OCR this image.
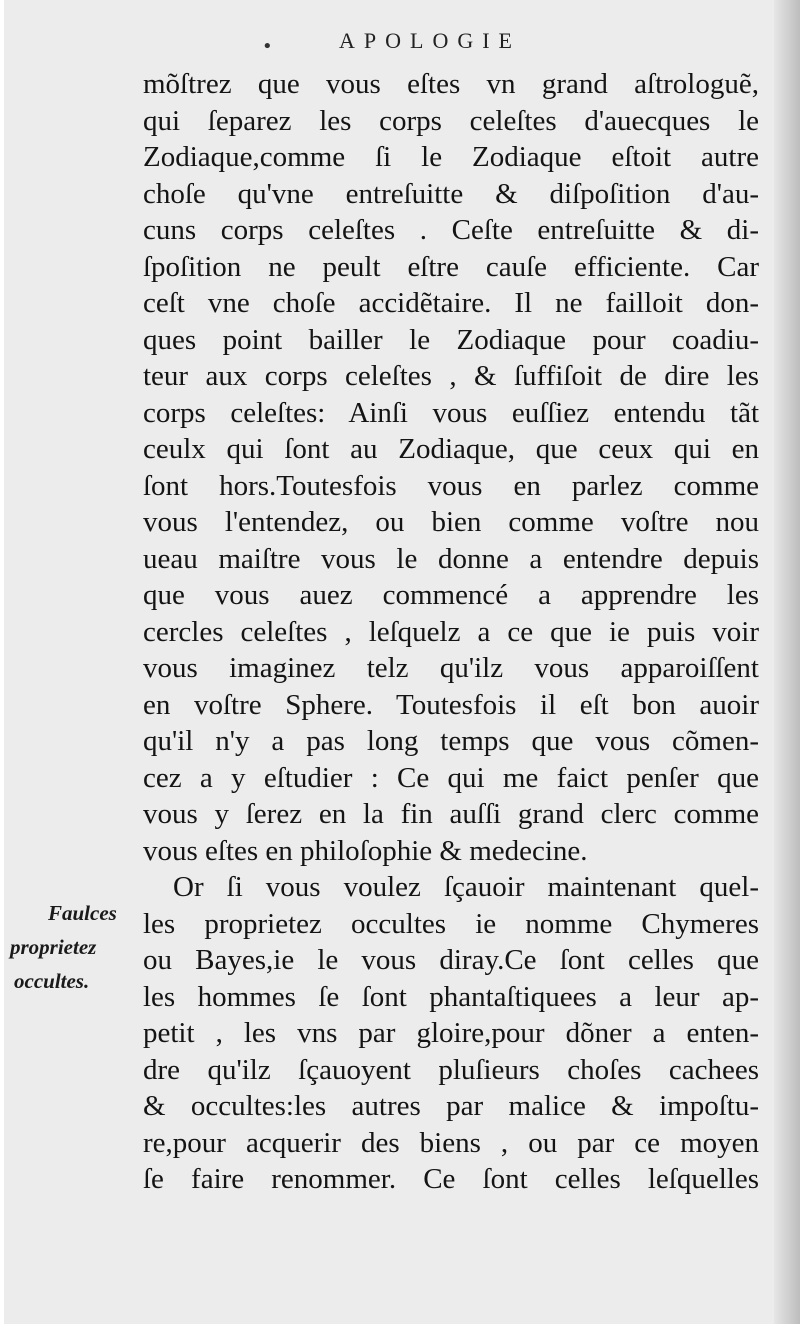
•	APOLOGIE
mõſtrez que vous eſtes vn grand aſtrologuẽ,
qui ſeparez les corps celeſtes d'auecques le
Zodiaque,comme ſi le Zodiaque eſtoit autre
choſe qu'vne entreſuitte & diſpoſition d'au-
cuns corps celeſtes . Ceſte entreſuitte & di-
ſpoſition ne peult eſtre cauſe efficiente. Car
ceſt vne choſe accidẽtaire. Il ne failloit don-
ques point bailler le Zodiaque pour coadiu-
teur aux corps celeſtes , & ſuffiſoit de dire les
corps celeſtes: Ainſi vous euſſiez entendu tãt
ceulx qui ſont au Zodiaque, que ceux qui en
ſont hors.Toutesfois vous en parlez comme
vous l'entendez, ou bien comme voſtre nou
ueau maiſtre vous le donne a entendre depuis
que vous auez commencé a apprendre les
cercles celeſtes , leſquelz a ce que ie puis voir
vous imaginez telz qu'ilz vous apparoiſſent
en voſtre Sphere. Toutesfois il eſt bon auoir
qu'il n'y a pas long temps que vous cõmen-
cez a y eſtudier : Ce qui me faict penſer que
vous y ſerez en la fin auſſi grand clerc comme
vous eſtes en philoſophie & medecine.
Or ſi vous voulez ſçauoir maintenant quel-
les proprietez occultes ie nomme Chymeres
ou Bayes,ie le vous diray.Ce ſont celles que
les hommes ſe ſont phantaſtiquees a leur ap-
petit , les vns par gloire,pour dõner a enten-
dre qu'ilz ſçauoyent pluſieurs choſes cachees
& occultes:les autres par malice & impoſtu-
re,pour acquerir des biens , ou par ce moyen
ſe faire renommer. Ce ſont celles leſquelles
Faulces
proprietez
occultes.
